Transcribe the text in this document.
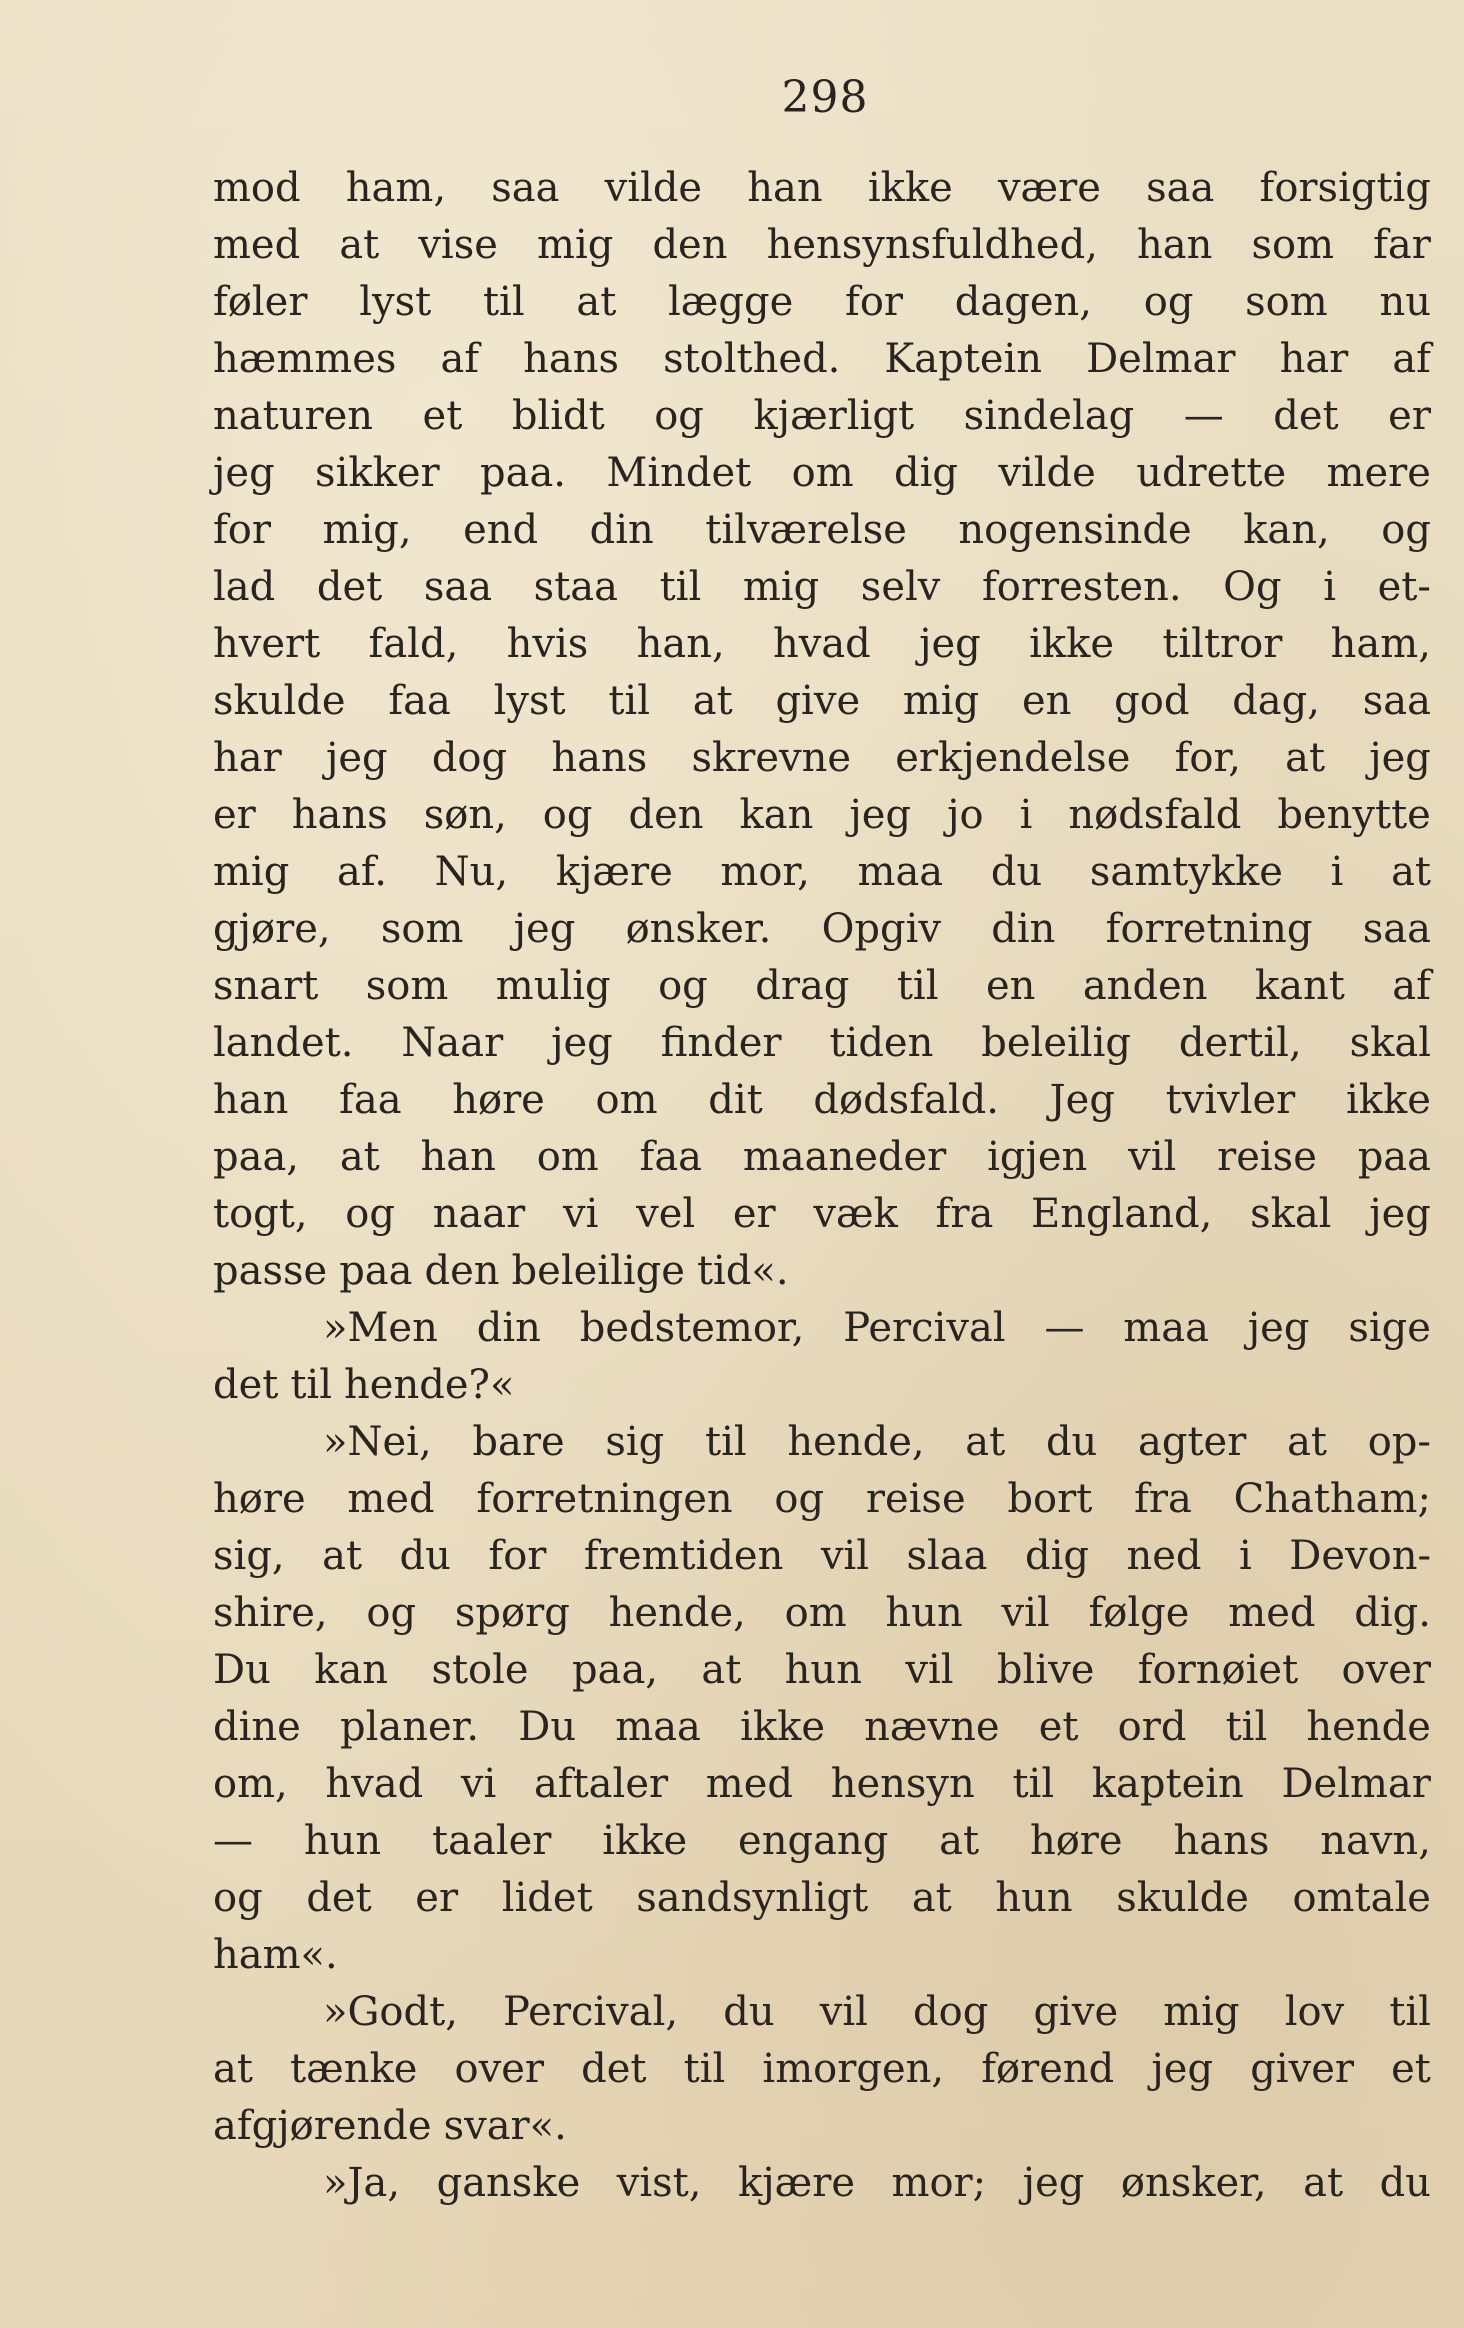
298
mod ham, saa vilde han ikke være saa forsigtig
med at vise mig den hensynsfuldhed, han som far
føler lyst til at lægge for dagen, og som nu
hæmmes af hans stolthed. Kaptein Delmar har af
naturen et blidt og kjærligt sindelag — det er
jeg sikker paa. Mindet om dig vilde udrette mere
for mig, end din tilværelse nogensinde kan, og
lad det saa staa til mig selv forresten. Og i et-
hvert fald, hvis han, hvad jeg ikke tiltror ham,
skulde faa lyst til at give mig en god dag, saa
har jeg dog hans skrevne erkjendelse for, at jeg
er hans søn, og den kan jeg jo i nødsfald benytte
mig af. Nu, kjære mor, maa du samtykke i at
gjøre, som jeg ønsker. Opgiv din forretning saa
snart som mulig og drag til en anden kant af
landet. Naar jeg finder tiden beleilig dertil, skal
han faa høre om dit dødsfald. Jeg tvivler ikke
paa, at han om faa maaneder igjen vil reise paa
togt, og naar vi vel er væk fra England, skal jeg
passe paa den beleilige tid«.
»Men din bedstemor, Percival — maa jeg sige
det til hende?«
»Nei, bare sig til hende, at du agter at op-
høre med forretningen og reise bort fra Chatham;
sig, at du for fremtiden vil slaa dig ned i Devon-
shire, og spørg hende, om hun vil følge med dig.
Du kan stole paa, at hun vil blive fornøiet over
dine planer. Du maa ikke nævne et ord til hende
om, hvad vi aftaler med hensyn til kaptein Delmar
— hun taaler ikke engang at høre hans navn,
og det er lidet sandsynligt at hun skulde omtale
ham«.
»Godt, Percival, du vil dog give mig lov til
at tænke over det til imorgen, førend jeg giver et
afgjørende svar«.
»Ja, ganske vist, kjære mor; jeg ønsker, at du
